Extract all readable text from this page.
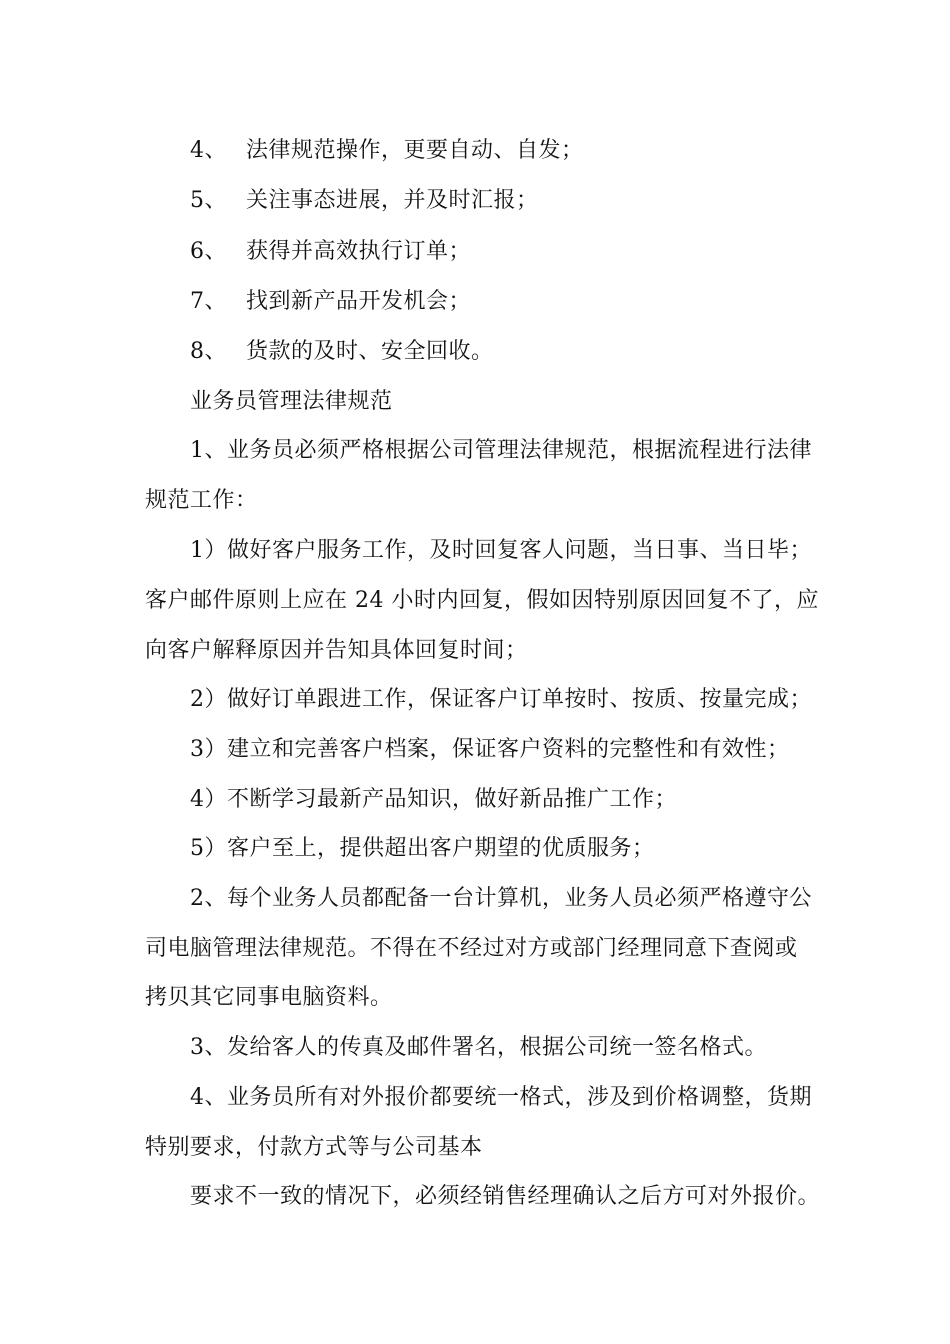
4、 法律规范操作，更要自动、自发；
5、 关注事态进展，并及时汇报；
6、 获得并高效执行订单；
7、 找到新产品开发机会；
8、 货款的及时、安全回收。
业务员管理法律规范
1、业务员必须严格根据公司管理法律规范，根据流程进行法律
规范工作：
1）做好客户服务工作，及时回复客人问题，当日事、当日毕；
客户邮件原则上应在 24 小时内回复，假如因特别原因回复不了，应
向客户解释原因并告知具体回复时间；
2）做好订单跟进工作，保证客户订单按时、按质、按量完成；
3）建立和完善客户档案，保证客户资料的完整性和有效性；
4）不断学习最新产品知识，做好新品推广工作；
5）客户至上，提供超出客户期望的优质服务；
2、每个业务人员都配备一台计算机，业务人员必须严格遵守公
司电脑管理法律规范。不得在不经过对方或部门经理同意下查阅或
拷贝其它同事电脑资料。
3、发给客人的传真及邮件署名，根据公司统一签名格式。
4、业务员所有对外报价都要统一格式，涉及到价格调整，货期
特别要求，付款方式等与公司基本
要求不一致的情况下，必须经销售经理确认之后方可对外报价。
